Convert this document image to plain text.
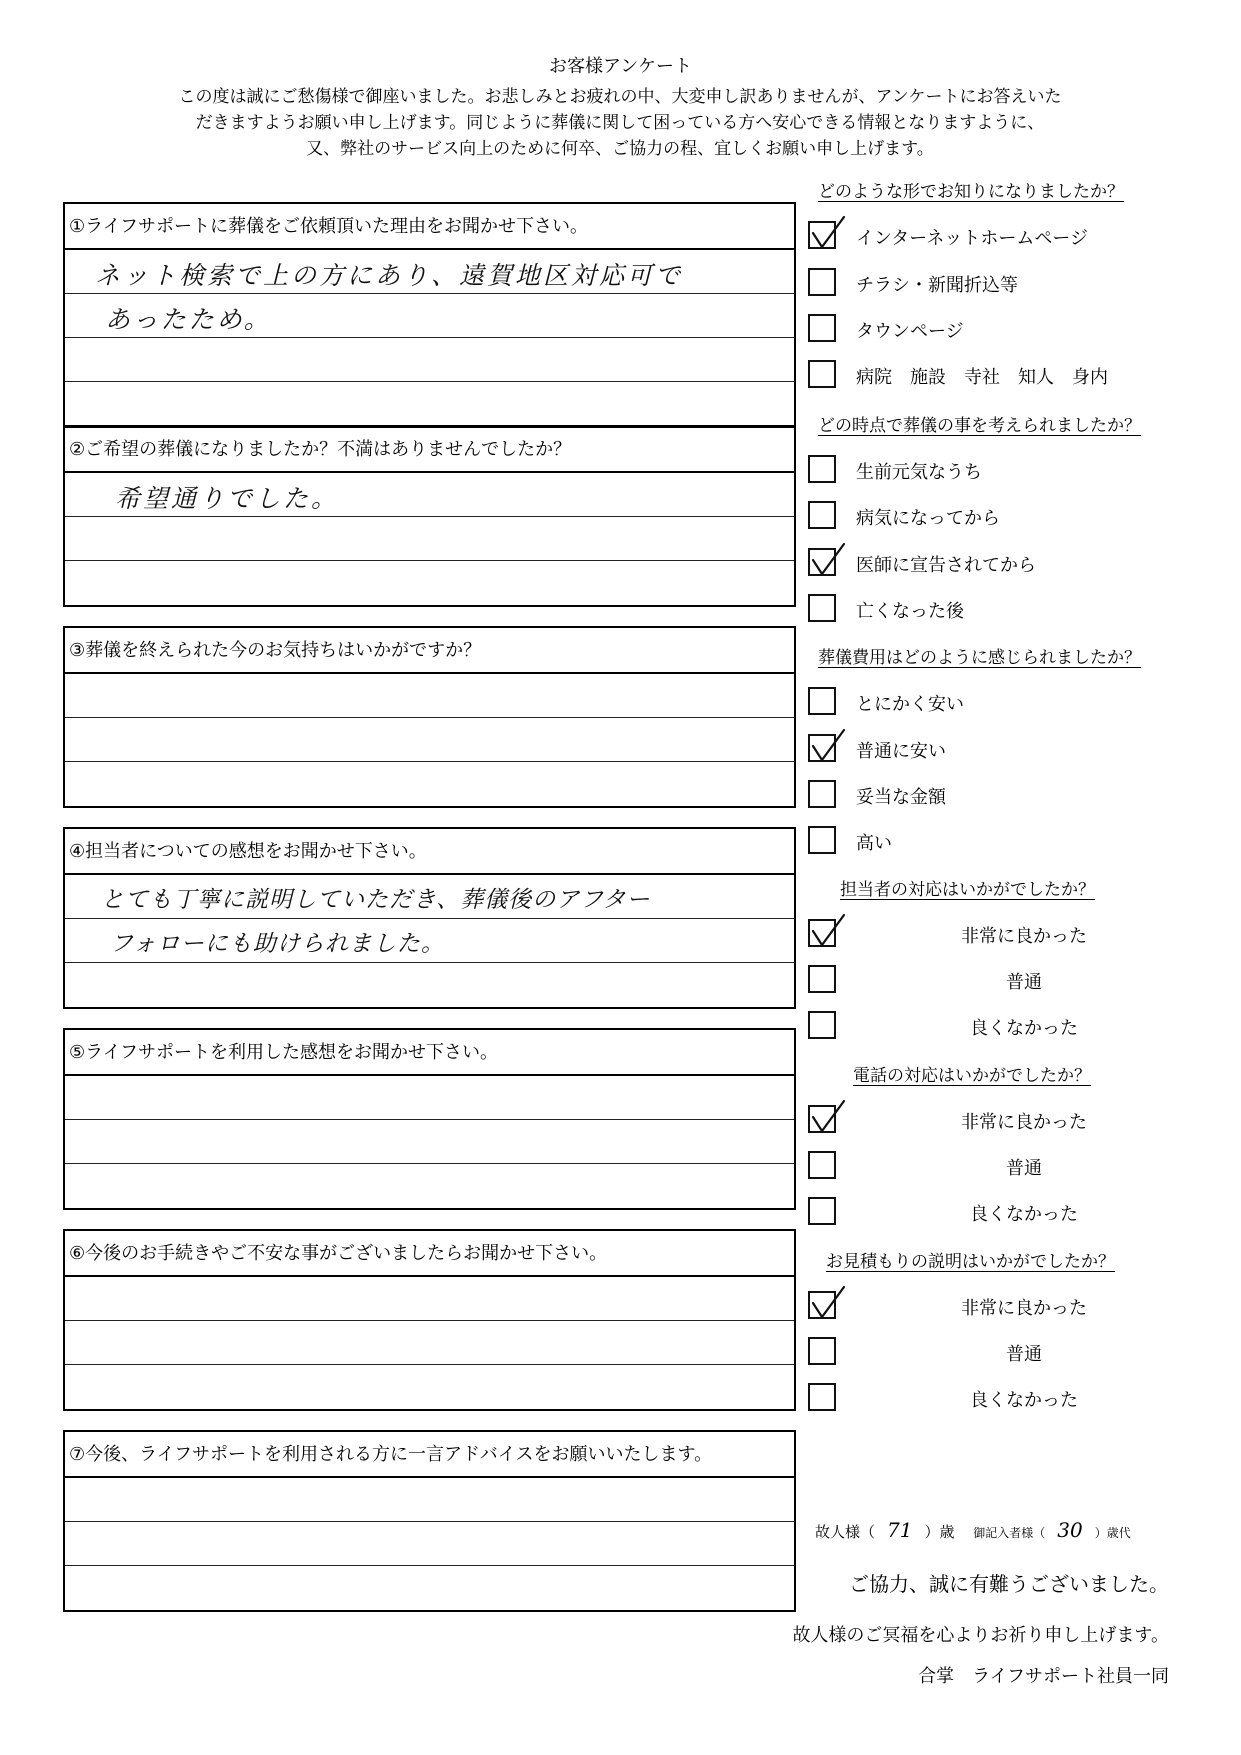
お客様アンケート
この度は誠にご愁傷様で御座いました。お悲しみとお疲れの中、大変申し訳ありませんが、アンケートにお答えいた
だきますようお願い申し上げます。同じように葬儀に関して困っている方へ安心できる情報となりますように、
又、弊社のサービス向上のために何卒、ご協力の程、宜しくお願い申し上げます。
①ライフサポートに葬儀をご依頼頂いた理由をお聞かせ下さい。
ネット検索で上の方にあり、遠賀地区対応可で
あったため。
②ご希望の葬儀になりましたか？不満はありませんでしたか？
希望通りでした。
③葬儀を終えられた今のお気持ちはいかがですか？
④担当者についての感想をお聞かせ下さい。
とても丁寧に説明していただき、葬儀後のアフター
フォローにも助けられました。
⑤ライフサポートを利用した感想をお聞かせ下さい。
⑥今後のお手続きやご不安な事がございましたらお聞かせ下さい。
⑦今後、ライフサポートを利用される方に一言アドバイスをお願いいたします。
どのような形でお知りになりましたか？
インターネットホームページ
チラシ・新聞折込等
タウンページ
病院　施設　寺社　知人　身内
どの時点で葬儀の事を考えられましたか？
生前元気なうち
病気になってから
医師に宣告されてから
亡くなった後
葬儀費用はどのように感じられましたか？
とにかく安い
普通に安い
妥当な金額
高い
担当者の対応はいかがでしたか？
非常に良かった
普通
良くなかった
電話の対応はいかがでしたか？
非常に良かった
普通
良くなかった
お見積もりの説明はいかがでしたか？
非常に良かった
普通
良くなかった
故人様（ 71 ）歳 御記入者様（ 30 ）歳代
ご協力、誠に有難うございました。
故人様のご冥福を心よりお祈り申し上げます。
合掌　ライフサポート社員一同
